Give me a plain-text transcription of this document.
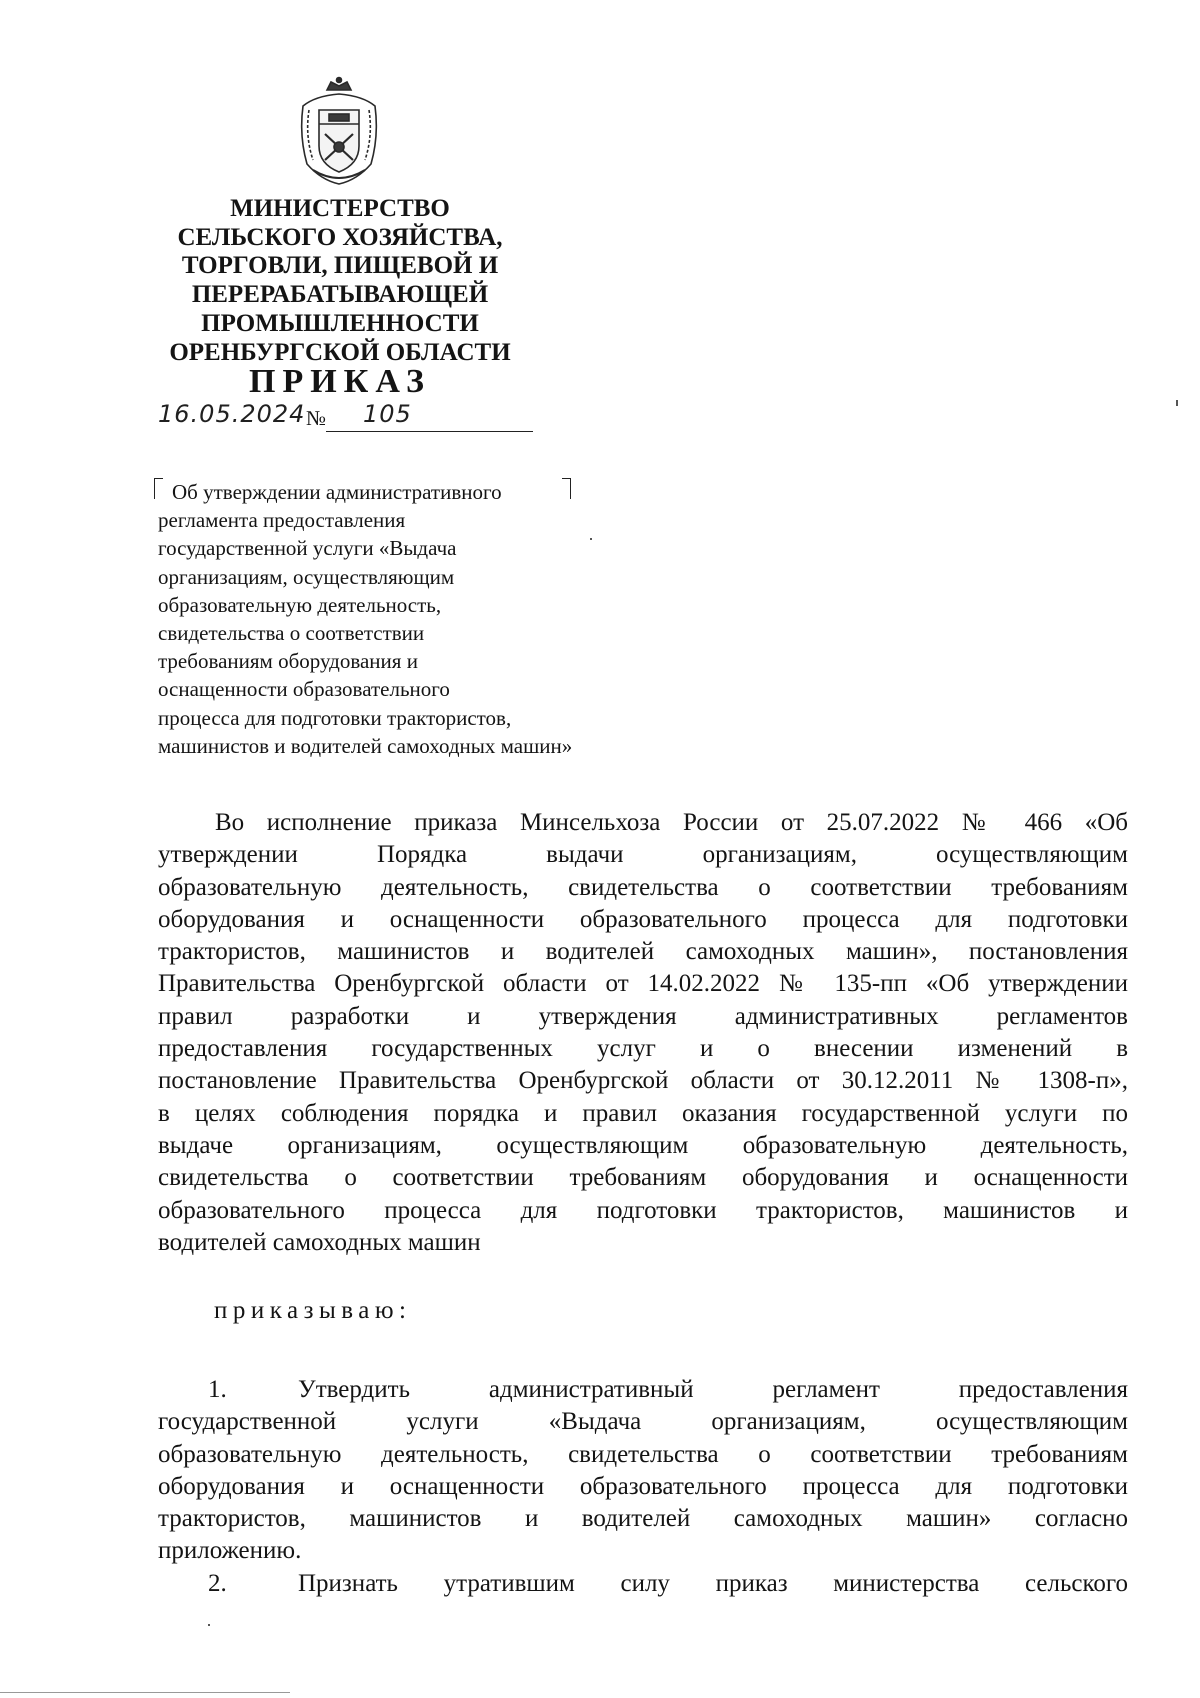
МИНИСТЕРСТВО
СЕЛЬСКОГО ХОЗЯЙСТВА,
ТОРГОВЛИ, ПИЩЕВОЙ И
ПЕРЕРАБАТЫВАЮЩЕЙ
ПРОМЫШЛЕННОСТИ
ОРЕНБУРГСКОЙ ОБЛАСТИ
ПРИКАЗ
16.05.2024 № 105
Об утверждении административного
регламента предоставления
государственной услуги «Выдача
организациям, осуществляющим
образовательную деятельность,
свидетельства о соответствии
требованиям оборудования и
оснащенности образовательного
процесса для подготовки трактористов,
машинистов и водителей самоходных машин»
Во исполнение приказа Минсельхоза России от 25.07.2022 № 466 «Об
утверждении Порядка выдачи организациям, осуществляющим
образовательную деятельность, свидетельства о соответствии требованиям
оборудования и оснащенности образовательного процесса для подготовки
трактористов, машинистов и водителей самоходных машин», постановления
Правительства Оренбургской области от 14.02.2022 № 135-пп «Об утверждении
правил разработки и утверждения административных регламентов
предоставления государственных услуг и о внесении изменений в
постановление Правительства Оренбургской области от 30.12.2011 № 1308-п»,
в целях соблюдения порядка и правил оказания государственной услуги по
выдаче организациям, осуществляющим образовательную деятельность,
свидетельства о соответствии требованиям оборудования и оснащенности
образовательного процесса для подготовки трактористов, машинистов и
водителей самоходных машин
приказываю:
1.	Утвердить административный регламент предоставления
государственной услуги «Выдача организациям, осуществляющим
образовательную деятельность, свидетельства о соответствии требованиям
оборудования и оснащенности образовательного процесса для подготовки
трактористов, машинистов и водителей самоходных машин» согласно
приложению.
2.	Признать утратившим силу приказ министерства сельского
